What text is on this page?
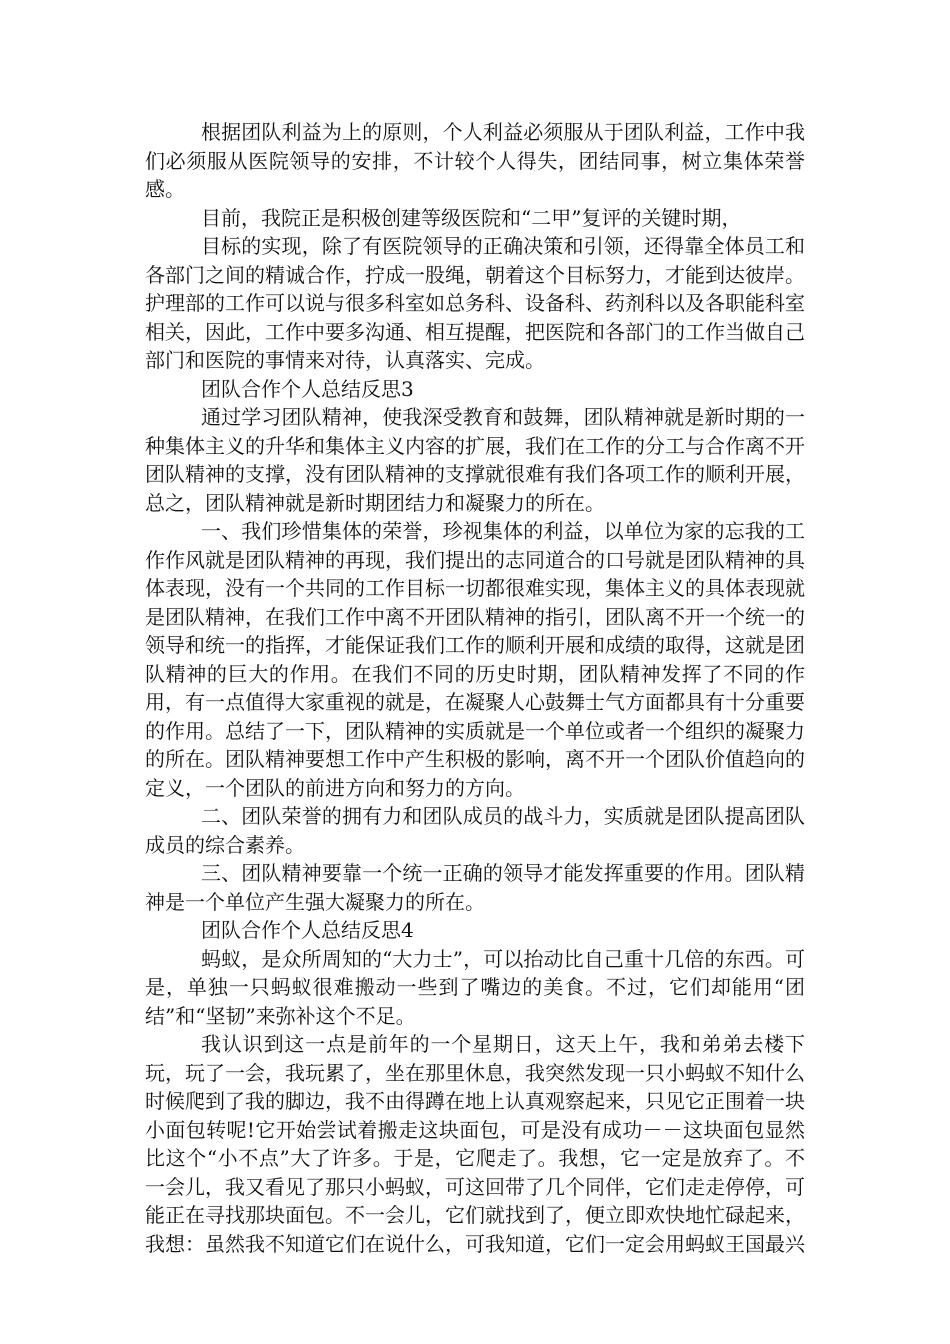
根据团队利益为上的原则，个人利益必须服从于团队利益，工作中我们必须服从医院领导的安排，不计较个人得失，团结同事，树立集体荣誉感。

目前，我院正是积极创建等级医院和“二甲”复评的关键时期，

目标的实现，除了有医院领导的正确决策和引领，还得靠全体员工和各部门之间的精诚合作，拧成一股绳，朝着这个目标努力，才能到达彼岸。护理部的工作可以说与很多科室如总务科、设备科、药剂科以及各职能科室相关，因此，工作中要多沟通、相互提醒，把医院和各部门的工作当做自己部门和医院的事情来对待，认真落实、完成。

团队合作个人总结反思3

通过学习团队精神，使我深受教育和鼓舞，团队精神就是新时期的一种集体主义的升华和集体主义内容的扩展，我们在工作的分工与合作离不开团队精神的支撑，没有团队精神的支撑就很难有我们各项工作的顺利开展，总之，团队精神就是新时期团结力和凝聚力的所在。

一、我们珍惜集体的荣誉，珍视集体的利益，以单位为家的忘我的工作作风就是团队精神的再现，我们提出的志同道合的口号就是团队精神的具体表现，没有一个共同的工作目标一切都很难实现，集体主义的具体表现就是团队精神，在我们工作中离不开团队精神的指引，团队离不开一个统一的领导和统一的指挥，才能保证我们工作的顺利开展和成绩的取得，这就是团队精神的巨大的作用。在我们不同的历史时期，团队精神发挥了不同的作用，有一点值得大家重视的就是，在凝聚人心鼓舞士气方面都具有十分重要的作用。总结了一下，团队精神的实质就是一个单位或者一个组织的凝聚力的所在。团队精神要想工作中产生积极的影响，离不开一个团队价值趋向的定义，一个团队的前进方向和努力的方向。

二、团队荣誉的拥有力和团队成员的战斗力，实质就是团队提高团队成员的综合素养。

三、团队精神要靠一个统一正确的领导才能发挥重要的作用。团队精神是一个单位产生强大凝聚力的所在。

团队合作个人总结反思4

蚂蚁，是众所周知的“大力士”，可以抬动比自己重十几倍的东西。可是，单独一只蚂蚁很难搬动一些到了嘴边的美食。不过，它们却能用“团结”和“坚韧”来弥补这个不足。

我认识到这一点是前年的一个星期日，这天上午，我和弟弟去楼下玩，玩了一会，我玩累了，坐在那里休息，我突然发现一只小蚂蚁不知什么时候爬到了我的脚边，我不由得蹲在地上认真观察起来，只见它正围着一块小面包转呢!它开始尝试着搬走这块面包，可是没有成功－－这块面包显然比这个“小不点”大了许多。于是，它爬走了。我想，它一定是放弃了。不一会儿，我又看见了那只小蚂蚁，可这回带了几个同伴，它们走走停停，可能正在寻找那块面包。不一会儿，它们就找到了，便立即欢快地忙碌起来，我想：虽然我不知道它们在说什么，可我知道，它们一定会用蚂蚁王国最兴
